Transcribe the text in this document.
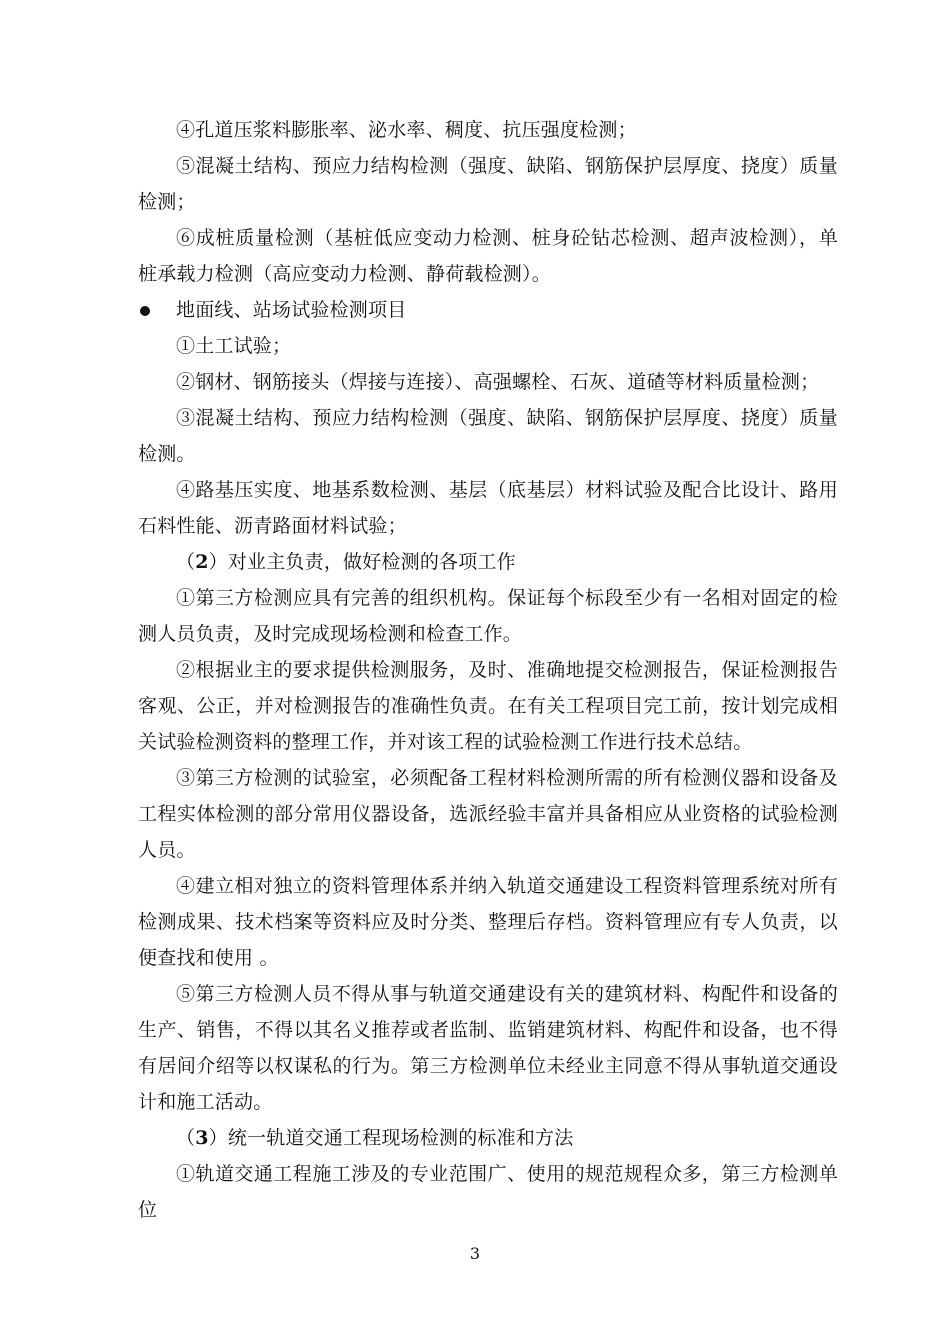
④孔道压浆料膨胀率、泌水率、稠度、抗压强度检测；

⑤混凝土结构、预应力结构检测（强度、缺陷、钢筋保护层厚度、挠度）质量检测；

⑥成桩质量检测（基桩低应变动力检测、桩身砼钻芯检测、超声波检测），单桩承载力检测（高应变动力检测、静荷载检测）。

地面线、站场试验检测项目

①土工试验；

②钢材、钢筋接头（焊接与连接）、高强螺栓、石灰、道碴等材料质量检测；

③混凝土结构、预应力结构检测（强度、缺陷、钢筋保护层厚度、挠度）质量检测。

④路基压实度、地基系数检测、基层（底基层）材料试验及配合比设计、路用石料性能、沥青路面材料试验；

（2）对业主负责，做好检测的各项工作

①第三方检测应具有完善的组织机构。保证每个标段至少有一名相对固定的检测人员负责，及时完成现场检测和检查工作。

②根据业主的要求提供检测服务，及时、准确地提交检测报告，保证检测报告客观、公正，并对检测报告的准确性负责。在有关工程项目完工前，按计划完成相关试验检测资料的整理工作，并对该工程的试验检测工作进行技术总结。

③第三方检测的试验室，必须配备工程材料检测所需的所有检测仪器和设备及工程实体检测的部分常用仪器设备，选派经验丰富并具备相应从业资格的试验检测人员。

④建立相对独立的资料管理体系并纳入轨道交通建设工程资料管理系统对所有检测成果、技术档案等资料应及时分类、整理后存档。资料管理应有专人负责，以便查找和使用 。

⑤第三方检测人员不得从事与轨道交通建设有关的建筑材料、构配件和设备的生产、销售，不得以其名义推荐或者监制、监销建筑材料、构配件和设备，也不得有居间介绍等以权谋私的行为。第三方检测单位未经业主同意不得从事轨道交通设计和施工活动。

（3）统一轨道交通工程现场检测的标准和方法

①轨道交通工程施工涉及的专业范围广、使用的规范规程众多，第三方检测单位

3
